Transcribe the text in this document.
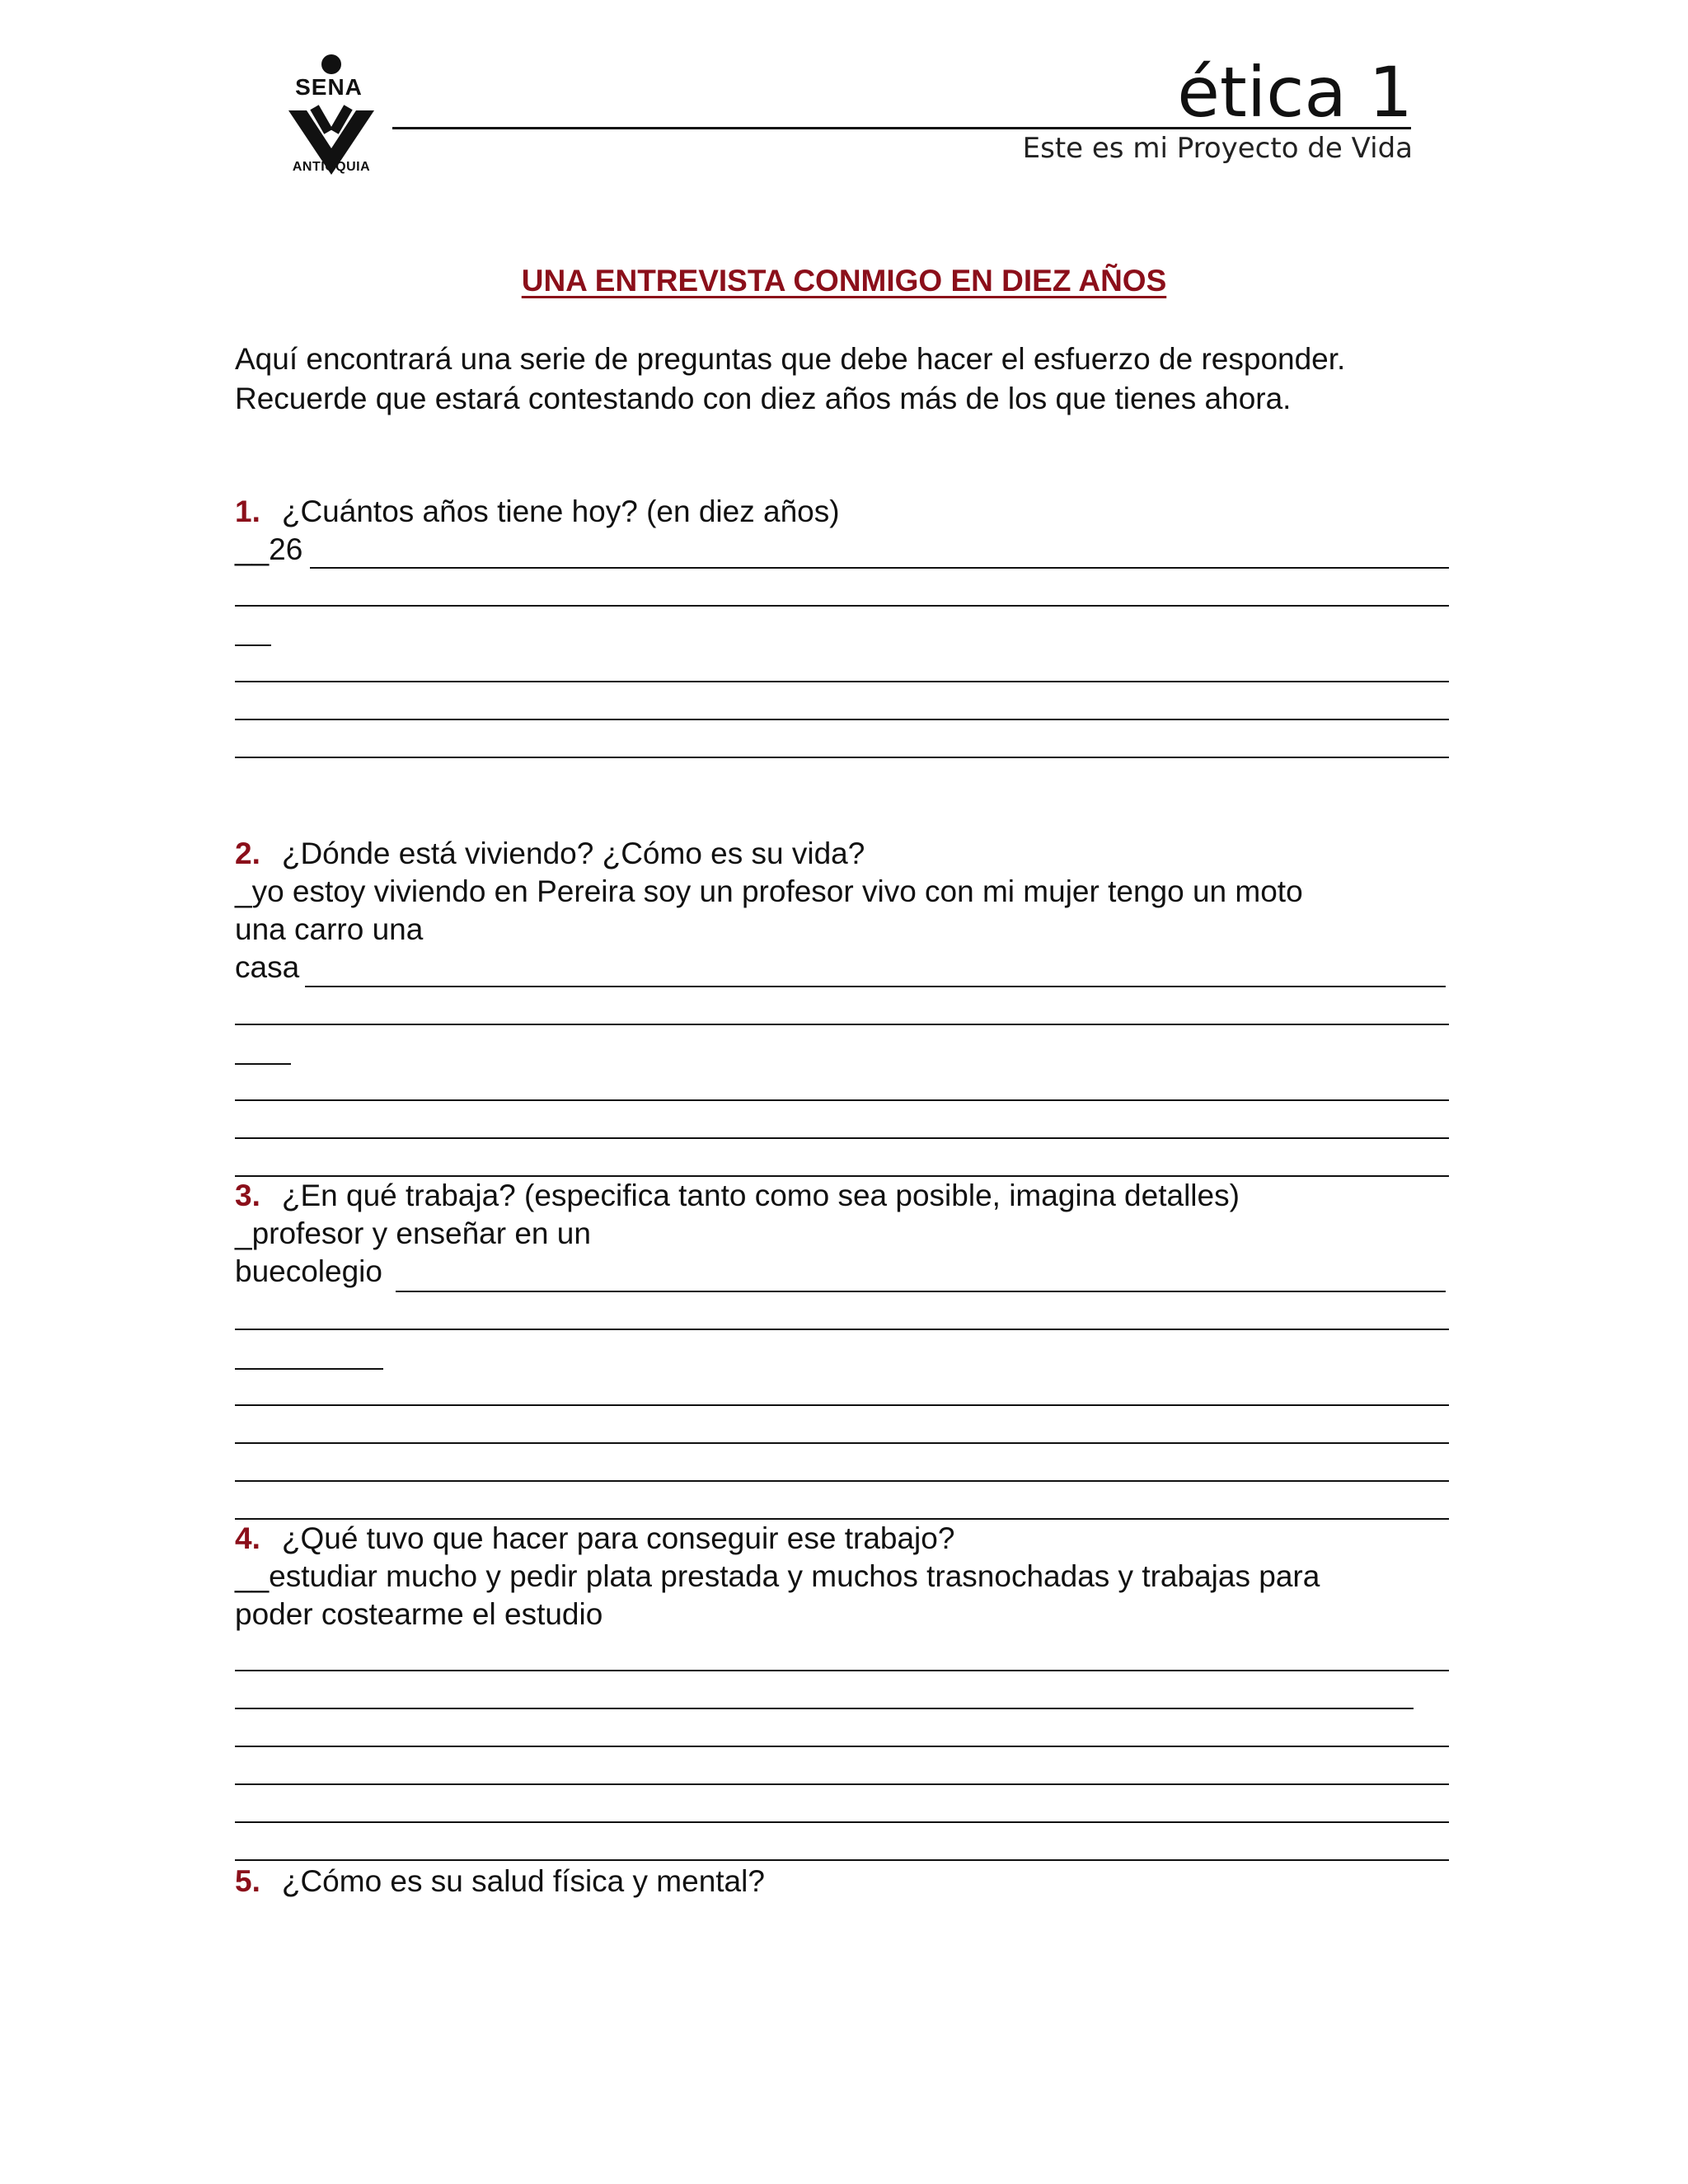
SENA
ANTIOQUIA
ética 1
Este es mi Proyecto de Vida
UNA ENTREVISTA CONMIGO EN DIEZ AÑOS

Aquí encontrará una serie de preguntas que debe hacer el esfuerzo de responder.

Recuerde que estará contestando con diez años más de los que tienes ahora.

1. ¿Cuántos años tiene hoy? (en diez años)
__26
2. ¿Dónde está viviendo? ¿Cómo es su vida?
_yo estoy viviendo en Pereira soy un profesor vivo con mi mujer tengo un moto
una carro una
casa
3. ¿En qué trabaja? (especifica tanto como sea posible, imagina detalles)
_profesor y enseñar en un
buecolegio
4. ¿Qué tuvo que hacer para conseguir ese trabajo?
__estudiar mucho y pedir plata prestada y muchos trasnochadas y trabajas para
poder costearme el estudio
5. ¿Cómo es su salud física y mental?
